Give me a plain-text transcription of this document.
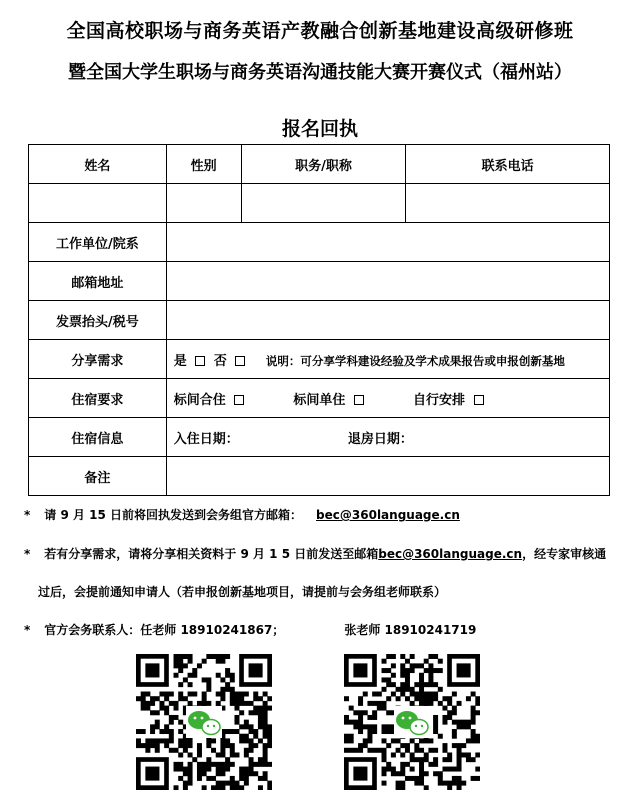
全国高校职场与商务英语产教融合创新基地建设高级研修班
暨全国大学生职场与商务英语沟通技能大赛开赛仪式（福州站）
报名回执
姓名	性别	职务/职称	联系电话

工作单位/院系			
邮箱地址			
发票抬头/税号			
分享需求	是 否 说明：可分享学科建设经验及学术成果报告或申报创新基地		
住宿要求	标间合住 标间单住 自行安排		
住宿信息	入住日期： 退房日期：		
备注			
* 请 9 月 15 日前将回执发送到会务组官方邮箱： bec@360language.cn
* 若有分享需求，请将分享相关资料于 9 月 1 5 日前发送至邮箱bec@360language.cn，经专家审核通
过后，会提前通知申请人（若申报创新基地项目，请提前与会务组老师联系）
* 官方会务联系人：任老师 18910241867；	张老师 18910241719
